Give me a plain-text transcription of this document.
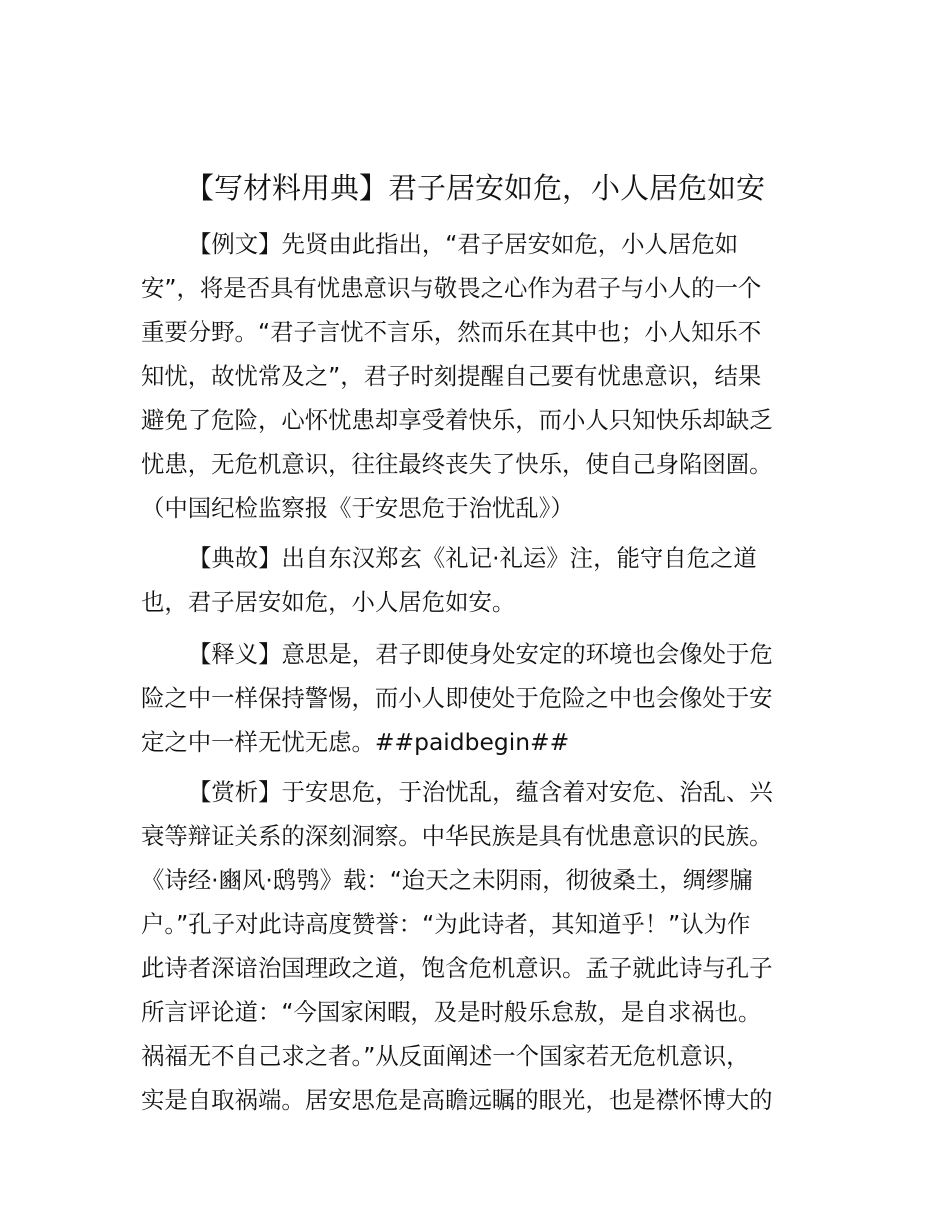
【写材料用典】君子居安如危，小人居危如安
【例文】先贤由此指出，“君子居安如危，小人居危如
安”，将是否具有忧患意识与敬畏之心作为君子与小人的一个
重要分野。“君子言忧不言乐，然而乐在其中也；小人知乐不
知忧，故忧常及之”，君子时刻提醒自己要有忧患意识，结果
避免了危险，心怀忧患却享受着快乐，而小人只知快乐却缺乏
忧患，无危机意识，往往最终丧失了快乐，使自己身陷囹圄。
（中国纪检监察报《于安思危于治忧乱》）
【典故】出自东汉郑玄《礼记·礼运》注，能守自危之道
也，君子居安如危，小人居危如安。
【释义】意思是，君子即使身处安定的环境也会像处于危
险之中一样保持警惕，而小人即使处于危险之中也会像处于安
定之中一样无忧无虑。##paidbegin##
【赏析】于安思危，于治忧乱，蕴含着对安危、治乱、兴
衰等辩证关系的深刻洞察。中华民族是具有忧患意识的民族。
《诗经·豳风·鸱鸮》载：“迨天之未阴雨，彻彼桑土，绸缪牖
户。”孔子对此诗高度赞誉：“为此诗者，其知道乎！”认为作
此诗者深谙治国理政之道，饱含危机意识。孟子就此诗与孔子
所言评论道：“今国家闲暇，及是时般乐怠敖，是自求祸也。
祸福无不自己求之者。”从反面阐述一个国家若无危机意识，
实是自取祸端。居安思危是高瞻远瞩的眼光，也是襟怀博大的
